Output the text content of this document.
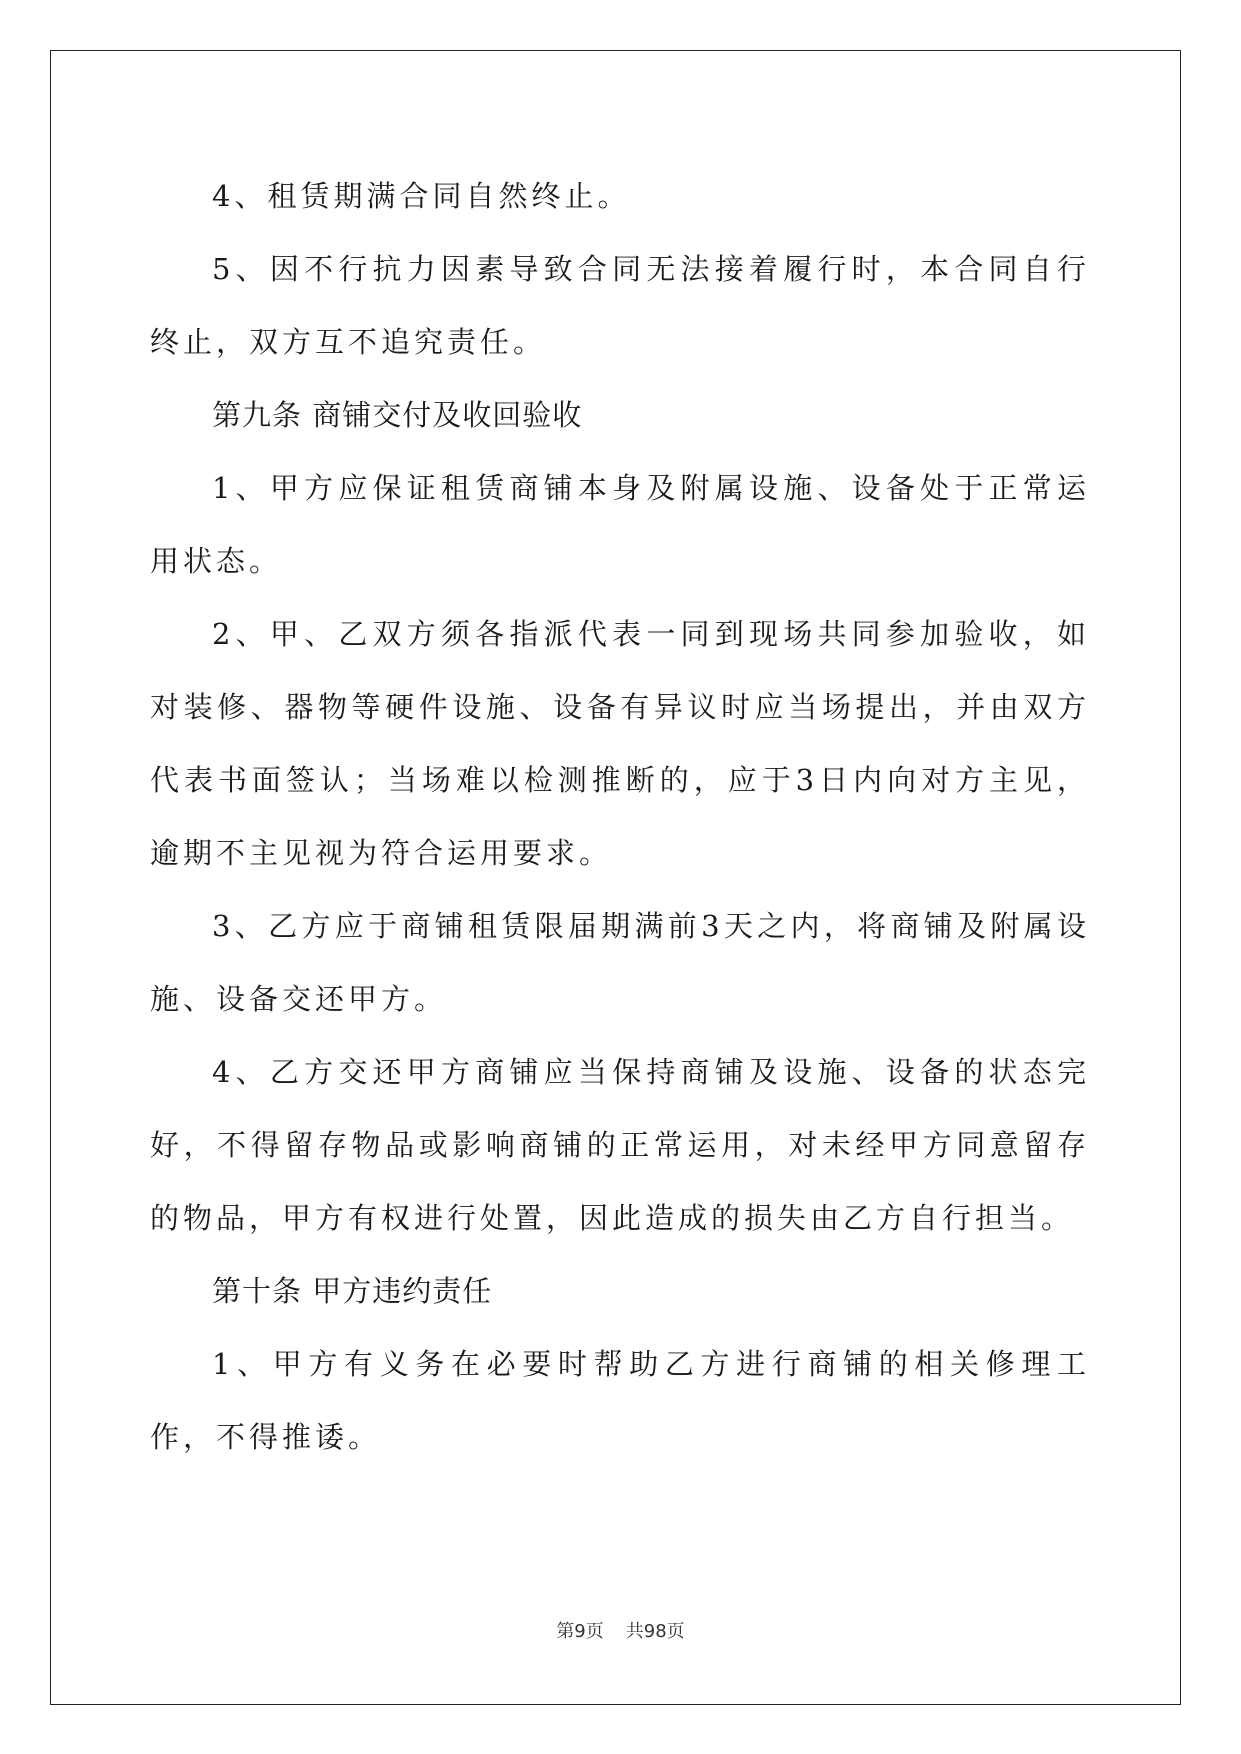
4、租赁期满合同自然终止。

5、因不行抗力因素导致合同无法接着履行时，本合同自行终止，双方互不追究责任。

第九条 商铺交付及收回验收

1、甲方应保证租赁商铺本身及附属设施、设备处于正常运用状态。

2、甲、乙双方须各指派代表一同到现场共同参加验收，如对装修、器物等硬件设施、设备有异议时应当场提出，并由双方代表书面签认；当场难以检测推断的，应于3日内向对方主见，逾期不主见视为符合运用要求。

3、乙方应于商铺租赁限届期满前3天之内，将商铺及附属设施、设备交还甲方。

4、乙方交还甲方商铺应当保持商铺及设施、设备的状态完好，不得留存物品或影响商铺的正常运用，对未经甲方同意留存的物品，甲方有权进行处置，因此造成的损失由乙方自行担当。

第十条 甲方违约责任

1、甲方有义务在必要时帮助乙方进行商铺的相关修理工作，不得推诿。

第9页 共98页
